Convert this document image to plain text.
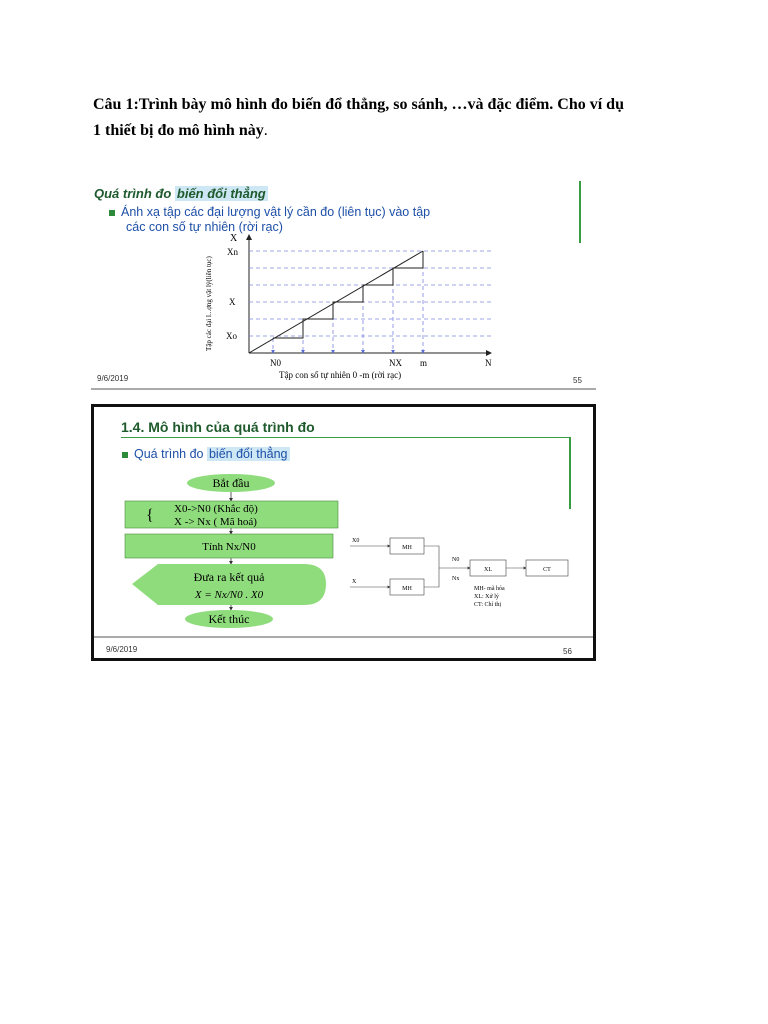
Câu 1:Trình bày mô hình đo biến đổ thẳng, so sánh, …và đặc điểm. Cho ví dụ
1 thiết bị đo mô hình này.
Quá trình đo biến đổi thẳng
Ánh xạ tập các đại lượng vật lý cần đo (liên tục) vào tập
các con số tự nhiên (rời rạc)
X
Xn
X
Xo
Tập các đại l...ợng vật lý(liên tục)
N0	NX m	N
Tập con số tự nhiên 0 -m (rời rạc)
9/6/2019	55
1.4. Mô hình của quá trình đo
Quá trình đo biến đổi thẳng
Bắt đầu
{ X0->N0 (Khắc độ)
X -> Nx ( Mã hoá)
Tính Nx/N0
Đưa ra kết quả
X = Nx/N0 . X0
Kết thúc
X0
X
MH
MH
N0
Nx
XL	CT
MH- mã hóa
XL: Xử lý
CT: Chỉ thị
9/6/2019	56
